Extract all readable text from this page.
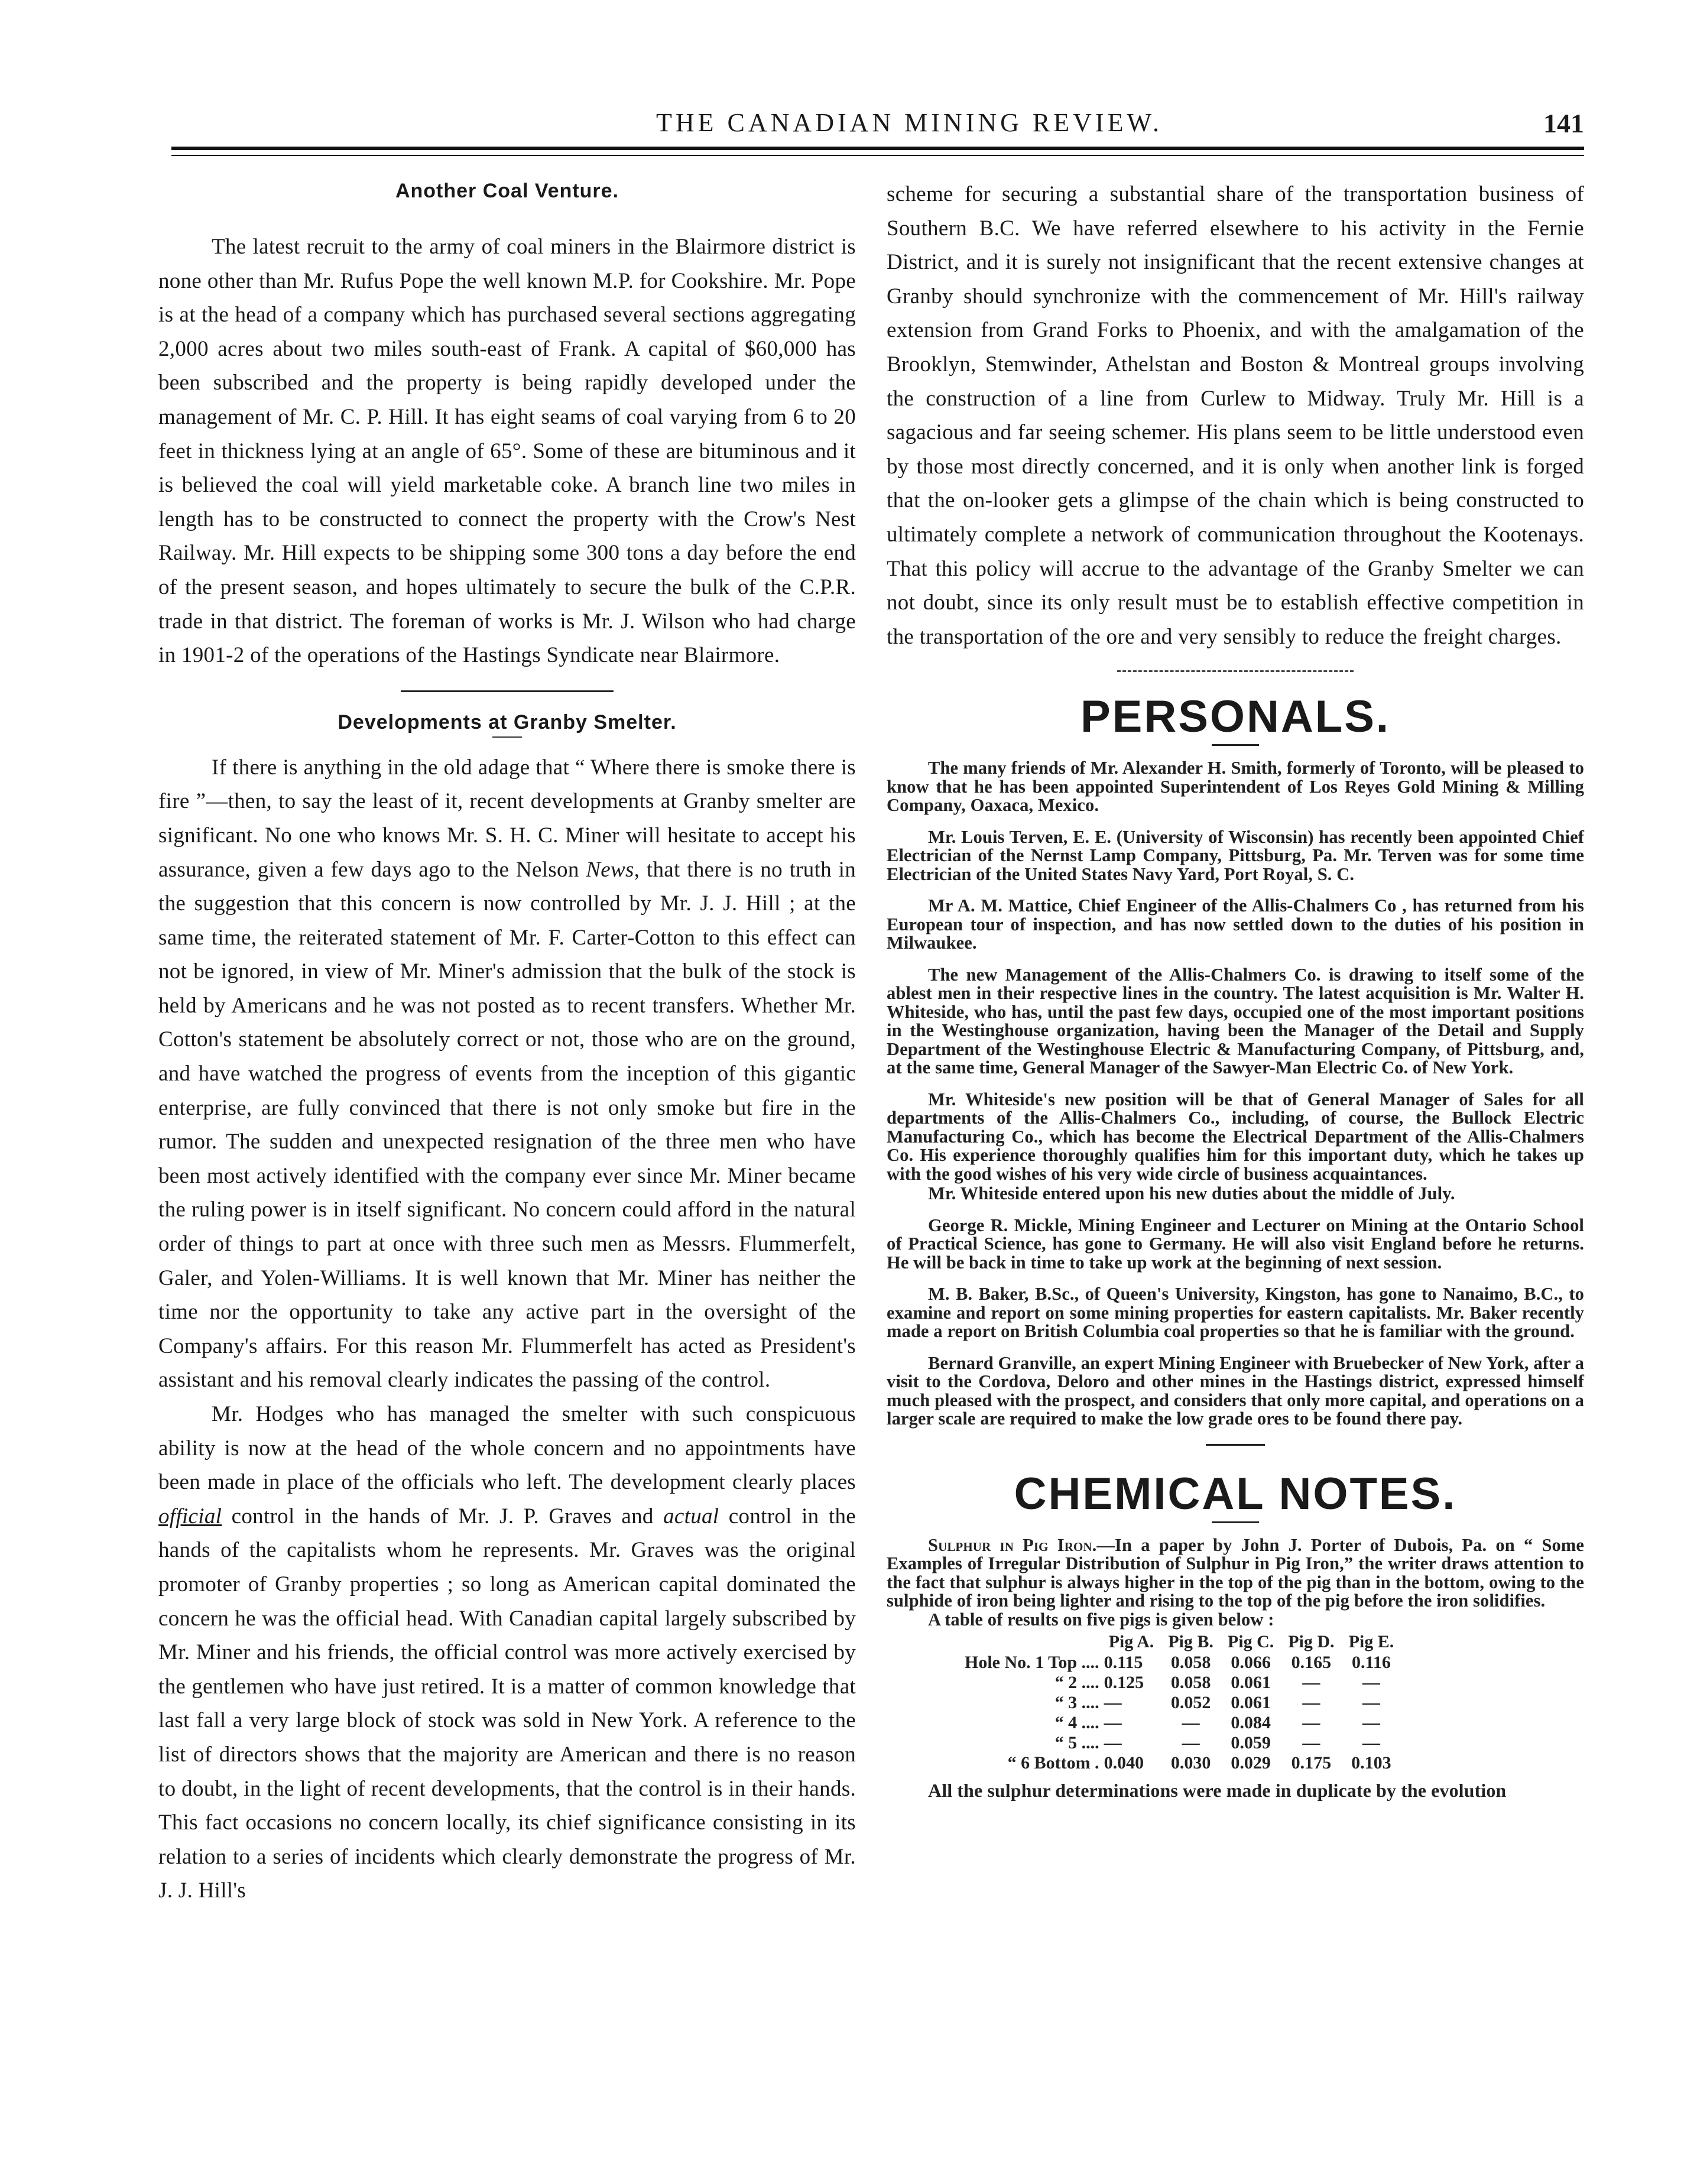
THE CANADIAN MINING REVIEW.	141
Another Coal Venture.

The latest recruit to the army of coal miners in the Blairmore district is none other than Mr. Rufus Pope the well known M.P. for Cookshire. Mr. Pope is at the head of a company which has purchased several sections aggregating 2,000 acres about two miles south-east of Frank. A capital of $60,000 has been subscribed and the property is being rapidly developed under the management of Mr. C. P. Hill. It has eight seams of coal varying from 6 to 20 feet in thickness lying at an angle of 65°. Some of these are bituminous and it is believed the coal will yield marketable coke. A branch line two miles in length has to be constructed to connect the property with the Crow's Nest Railway. Mr. Hill expects to be shipping some 300 tons a day before the end of the present season, and hopes ultimately to secure the bulk of the C.P.R. trade in that district. The foreman of works is Mr. J. Wilson who had charge in 1901-2 of the operations of the Hastings Syndicate near Blairmore.

Developments at Granby Smelter.

If there is anything in the old adage that “ Where there is smoke there is fire ”—then, to say the least of it, recent developments at Granby smelter are significant. No one who knows Mr. S. H. C. Miner will hesitate to accept his assurance, given a few days ago to the Nelson News, that there is no truth in the suggestion that this concern is now controlled by Mr. J. J. Hill ; at the same time, the reiterated statement of Mr. F. Carter-Cotton to this effect can not be ignored, in view of Mr. Miner's admission that the bulk of the stock is held by Americans and he was not posted as to recent transfers. Whether Mr. Cotton's statement be absolutely correct or not, those who are on the ground, and have watched the progress of events from the inception of this gigantic enterprise, are fully convinced that there is not only smoke but fire in the rumor. The sudden and unexpected resignation of the three men who have been most actively identified with the company ever since Mr. Miner became the ruling power is in itself significant. No concern could afford in the natural order of things to part at once with three such men as Messrs. Flummerfelt, Galer, and Yolen-Williams. It is well known that Mr. Miner has neither the time nor the opportunity to take any active part in the oversight of the Company's affairs. For this reason Mr. Flummerfelt has acted as President's assistant and his removal clearly indicates the passing of the control.

Mr. Hodges who has managed the smelter with such conspicuous ability is now at the head of the whole concern and no appointments have been made in place of the officials who left. The development clearly places official control in the hands of Mr. J. P. Graves and actual control in the hands of the capitalists whom he represents. Mr. Graves was the original promoter of Granby properties ; so long as American capital dominated the concern he was the official head. With Canadian capital largely subscribed by Mr. Miner and his friends, the official control was more actively exercised by the gentlemen who have just retired. It is a matter of common knowledge that last fall a very large block of stock was sold in New York. A reference to the list of directors shows that the majority are American and there is no reason to doubt, in the light of recent developments, that the control is in their hands. This fact occasions no concern locally, its chief significance consisting in its relation to a series of incidents which clearly demonstrate the progress of Mr. J. J. Hill's

scheme for securing a substantial share of the transportation business of Southern B.C. We have referred elsewhere to his activity in the Fernie District, and it is surely not insignificant that the recent extensive changes at Granby should synchronize with the commencement of Mr. Hill's railway extension from Grand Forks to Phoenix, and with the amalgamation of the Brooklyn, Stemwinder, Athelstan and Boston & Montreal groups involving the construction of a line from Curlew to Midway. Truly Mr. Hill is a sagacious and far seeing schemer. His plans seem to be little understood even by those most directly concerned, and it is only when another link is forged that the on-looker gets a glimpse of the chain which is being constructed to ultimately complete a network of communication throughout the Kootenays. That this policy will accrue to the advantage of the Granby Smelter we can not doubt, since its only result must be to establish effective competition in the transportation of the ore and very sensibly to reduce the freight charges.

PERSONALS.

The many friends of Mr. Alexander H. Smith, formerly of Toronto, will be pleased to know that he has been appointed Superintendent of Los Reyes Gold Mining & Milling Company, Oaxaca, Mexico.

Mr. Louis Terven, E. E. (University of Wisconsin) has recently been appointed Chief Electrician of the Nernst Lamp Company, Pittsburg, Pa. Mr. Terven was for some time Electrician of the United States Navy Yard, Port Royal, S. C.

Mr A. M. Mattice, Chief Engineer of the Allis-Chalmers Co , has returned from his European tour of inspection, and has now settled down to the duties of his position in Milwaukee.

The new Management of the Allis-Chalmers Co. is drawing to itself some of the ablest men in their respective lines in the country. The latest acquisition is Mr. Walter H. Whiteside, who has, until the past few days, occupied one of the most important positions in the Westinghouse organization, having been the Manager of the Detail and Supply Department of the Westinghouse Electric & Manufacturing Company, of Pittsburg, and, at the same time, General Manager of the Sawyer-Man Electric Co. of New York.

Mr. Whiteside's new position will be that of General Manager of Sales for all departments of the Allis-Chalmers Co., including, of course, the Bullock Electric Manufacturing Co., which has become the Electrical Department of the Allis-Chalmers Co. His experience thoroughly qualifies him for this important duty, which he takes up with the good wishes of his very wide circle of business acquaintances.

Mr. Whiteside entered upon his new duties about the middle of July.

George R. Mickle, Mining Engineer and Lecturer on Mining at the Ontario School of Practical Science, has gone to Germany. He will also visit England before he returns. He will be back in time to take up work at the beginning of next session.

M. B. Baker, B.Sc., of Queen's University, Kingston, has gone to Nanaimo, B.C., to examine and report on some mining properties for eastern capitalists. Mr. Baker recently made a report on British Columbia coal properties so that he is familiar with the ground.

Bernard Granville, an expert Mining Engineer with Bruebecker of New York, after a visit to the Cordova, Deloro and other mines in the Hastings district, expressed himself much pleased with the prospect, and considers that only more capital, and operations on a larger scale are required to make the low grade ores to be found there pay.

CHEMICAL NOTES.

Sulphur in Pig Iron.—In a paper by John J. Porter of Dubois, Pa. on “ Some Examples of Irregular Distribution of Sulphur in Pig Iron,” the writer draws attention to the fact that sulphur is always higher in the top of the pig than in the bottom, owing to the sulphide of iron being lighter and rising to the top of the pig before the iron solidifies.

A table of results on five pigs is given below :

	Pig A.	Pig B.	Pig C.	Pig D.	Pig E.
Hole No. 1 Top ....	0.115	0.058	0.066	0.165	0.116
“ 2 ....	0.125	0.058	0.061	—	—
“ 3 ....	—	0.052	0.061	—	—
“ 4 ....	—	—	0.084	—	—
“ 5 ....	—	—	0.059	—	—
“ 6 Bottom .	0.040	0.030	0.029	0.175	0.103

All the sulphur determinations were made in duplicate by the evolution
